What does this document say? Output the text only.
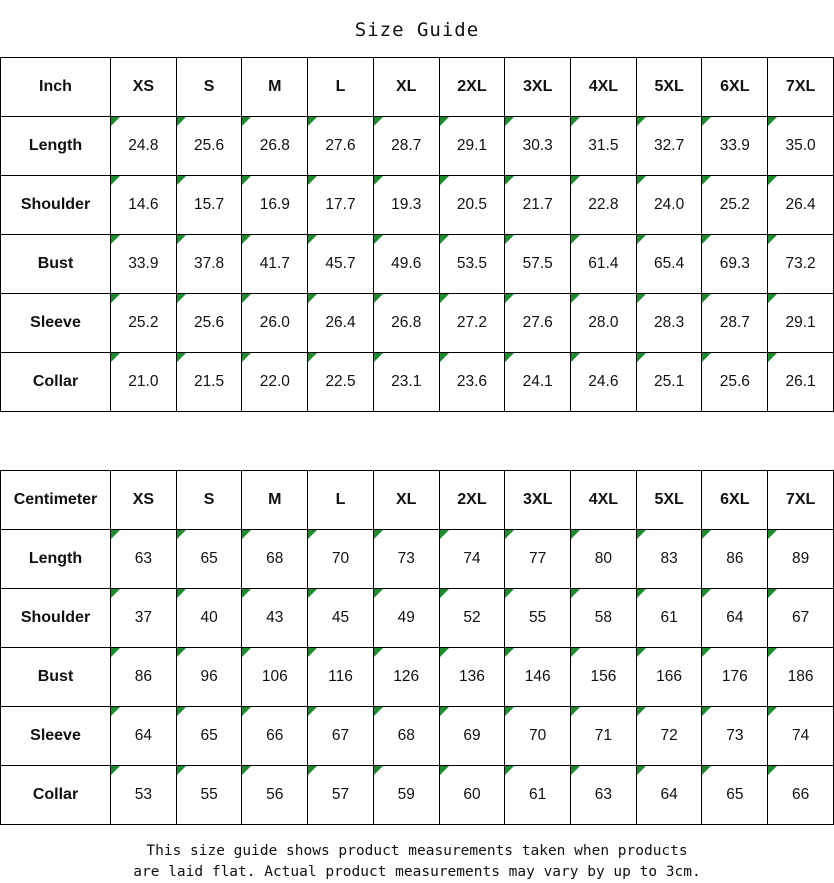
Size Guide
Inch	XS	S	M	L	XL	2XL	3XL	4XL	5XL	6XL	7XL
Length	24.8	25.6	26.8	27.6	28.7	29.1	30.3	31.5	32.7	33.9	35.0
Shoulder	14.6	15.7	16.9	17.7	19.3	20.5	21.7	22.8	24.0	25.2	26.4
Bust	33.9	37.8	41.7	45.7	49.6	53.5	57.5	61.4	65.4	69.3	73.2
Sleeve	25.2	25.6	26.0	26.4	26.8	27.2	27.6	28.0	28.3	28.7	29.1
Collar	21.0	21.5	22.0	22.5	23.1	23.6	24.1	24.6	25.1	25.6	26.1
Centimeter	XS	S	M	L	XL	2XL	3XL	4XL	5XL	6XL	7XL
Length	63	65	68	70	73	74	77	80	83	86	89
Shoulder	37	40	43	45	49	52	55	58	61	64	67
Bust	86	96	106	116	126	136	146	156	166	176	186
Sleeve	64	65	66	67	68	69	70	71	72	73	74
Collar	53	55	56	57	59	60	61	63	64	65	66
This size guide shows product measurements taken when products
are laid flat. Actual product measurements may vary by up to 3cm.
